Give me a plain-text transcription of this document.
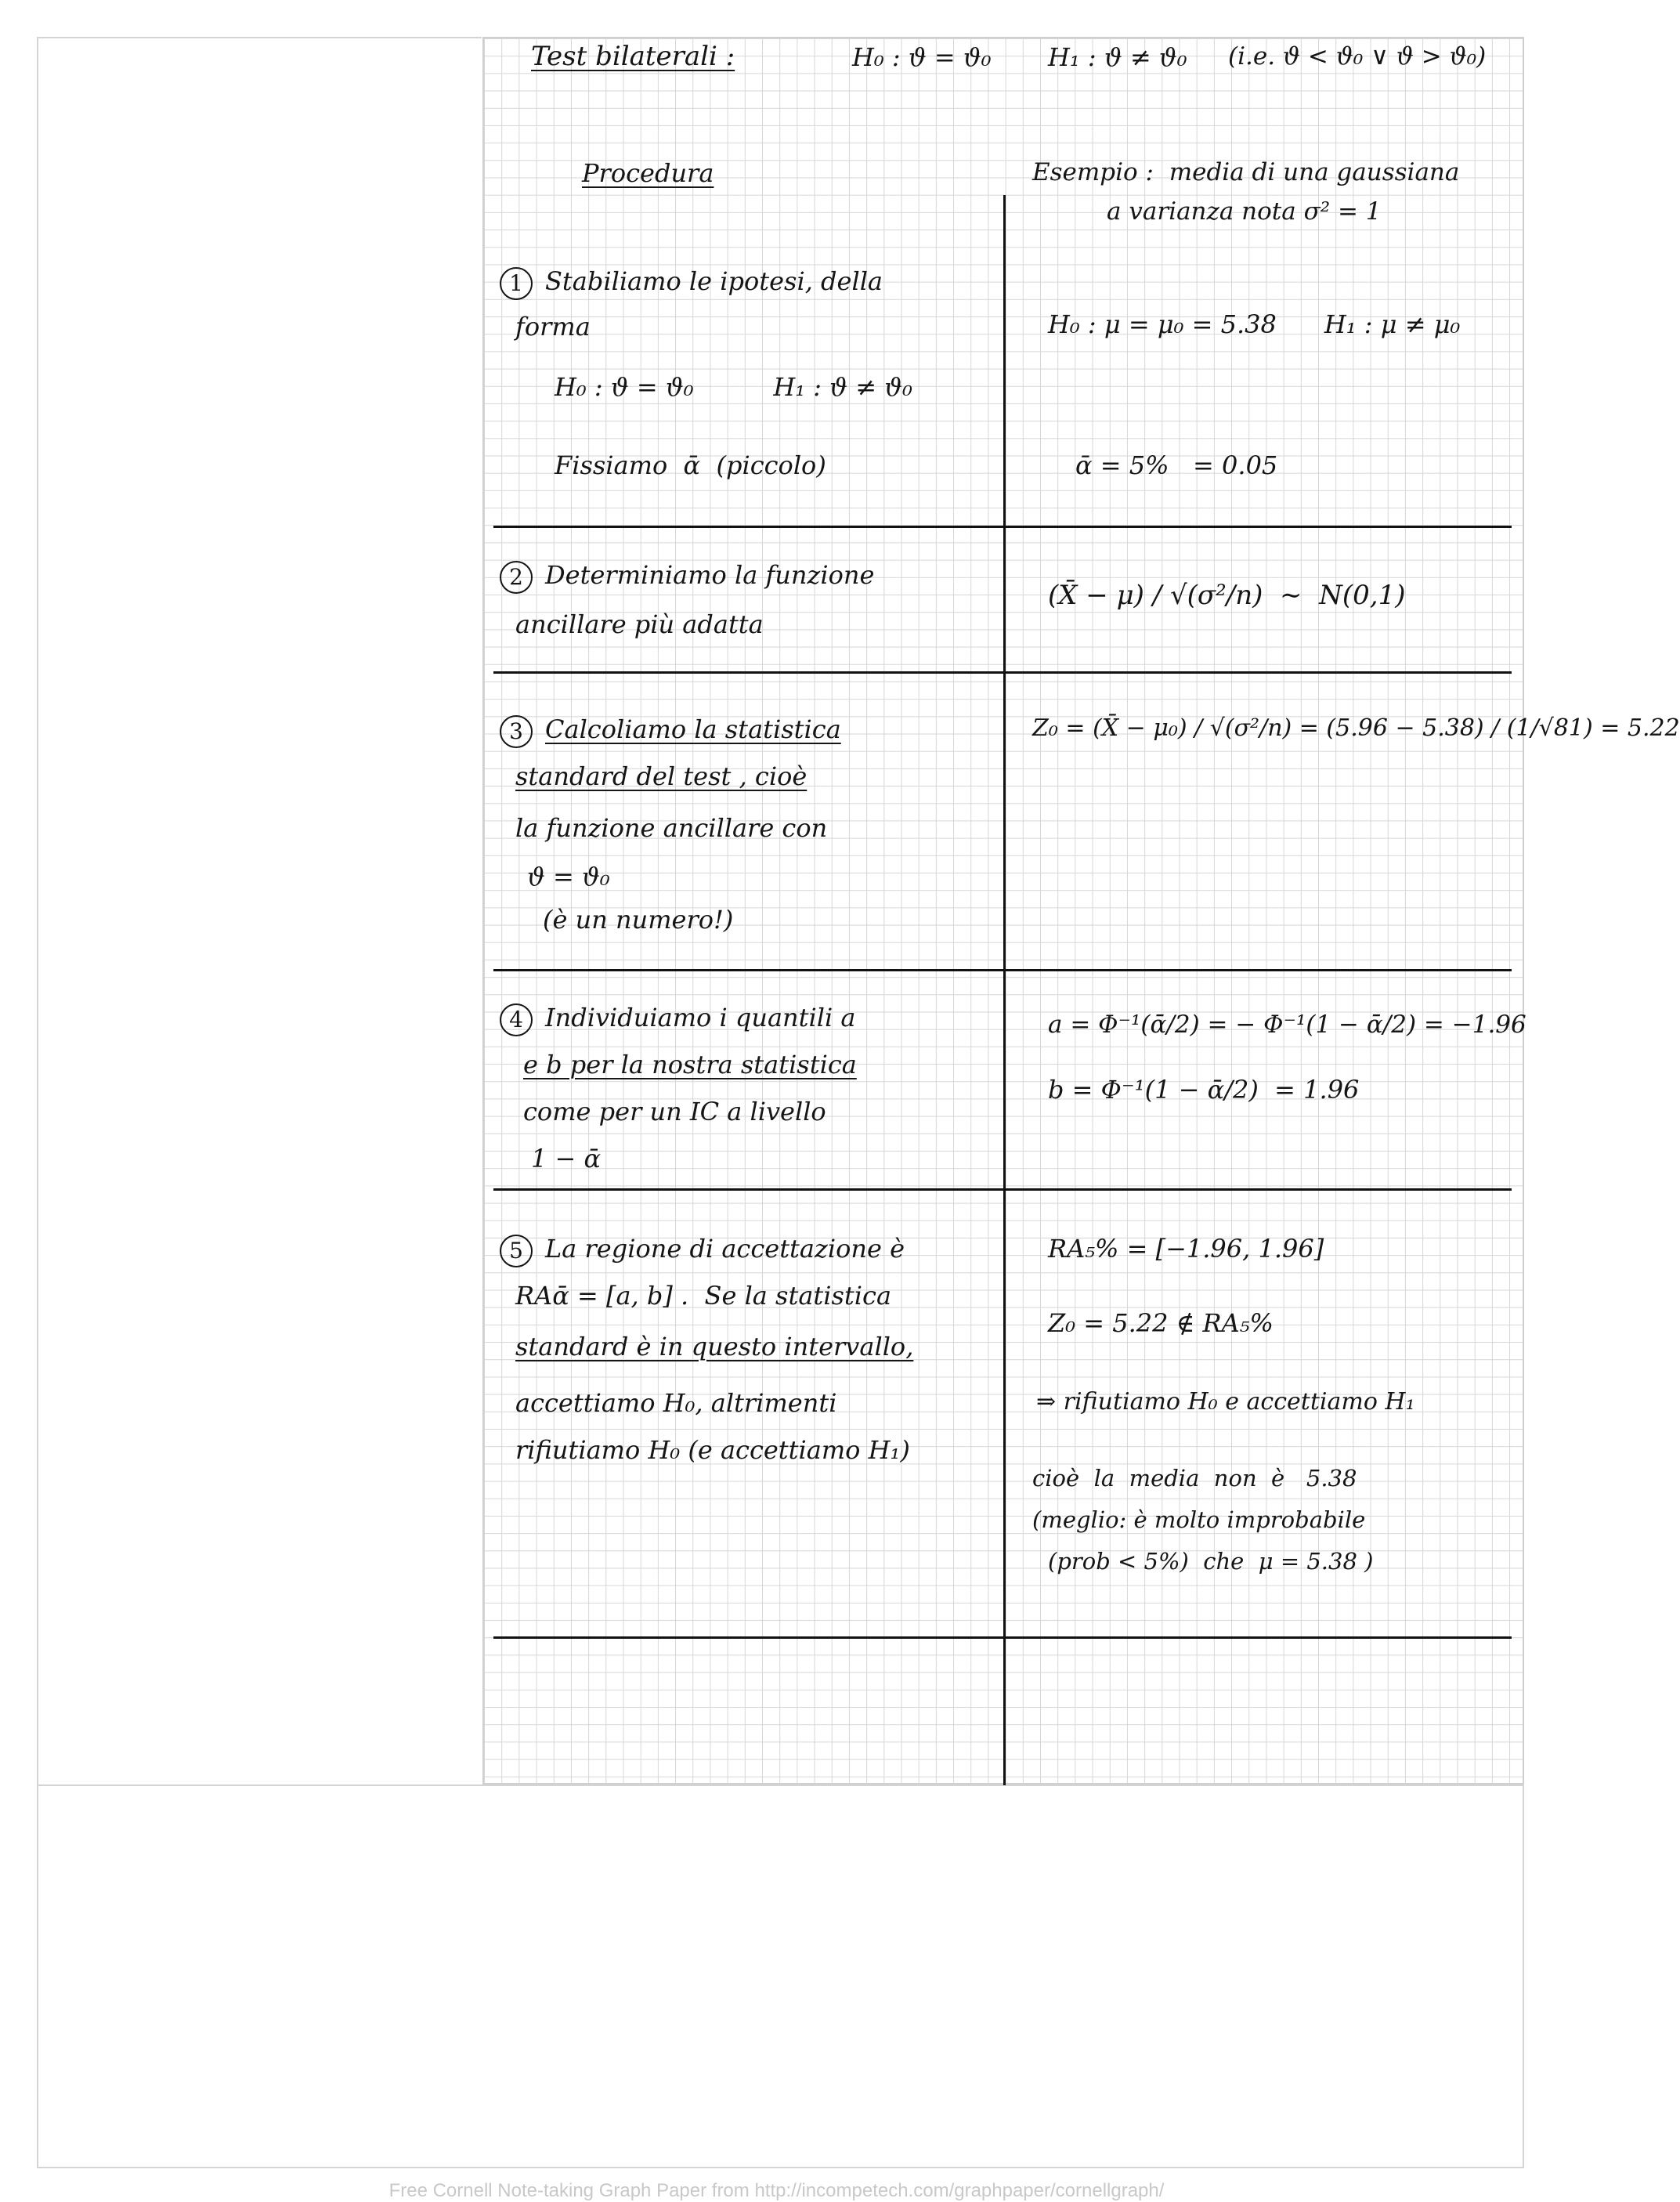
Test bilaterali :	H₀ : ϑ = ϑ₀ H₁ : ϑ ≠ ϑ₀ (i.e. ϑ < ϑ₀ ∨ ϑ > ϑ₀)
Procedura	Esempio :  media di una gaussiana
a varianza nota σ² = 1
1 Stabiliamo le ipotesi, della
forma
H₀ : ϑ = ϑ₀          H₁ : ϑ ≠ ϑ₀
Fissiamo  ᾱ  (piccolo)
H₀ : μ = μ₀ = 5.38      H₁ : μ ≠ μ₀
ᾱ = 5%   = 0.05
2 Determiniamo la funzione
ancillare più adatta
(X̄ − μ) / √(σ²/n)  ∼  N(0,1)
3 Calcoliamo la statistica
standard del test , cioè
la funzione ancillare con
ϑ = ϑ₀
(è un numero!)
Z₀ = (X̄ − μ₀) / √(σ²/n) = (5.96 − 5.38) / (1/√81) = 5.22
4 Individuiamo i quantili a
e b per la nostra statistica
come per un IC a livello
1 − ᾱ
a = Φ⁻¹(ᾱ/2) = − Φ⁻¹(1 − ᾱ/2) = −1.96
b = Φ⁻¹(1 − ᾱ/2)  = 1.96
5 La regione di accettazione è
RAᾱ = [a, b] .  Se la statistica
standard è in questo intervallo,
accettiamo H₀, altrimenti
rifiutiamo H₀ (e accettiamo H₁)
RA₅% = [−1.96, 1.96]
Z₀ = 5.22 ∉ RA₅%
⇒ rifiutiamo H₀ e accettiamo H₁
cioè  la  media  non  è   5.38
(meglio: è molto improbabile
(prob < 5%)  che  μ = 5.38 )
Free Cornell Note-taking Graph Paper from http://incompetech.com/graphpaper/cornellgraph/
